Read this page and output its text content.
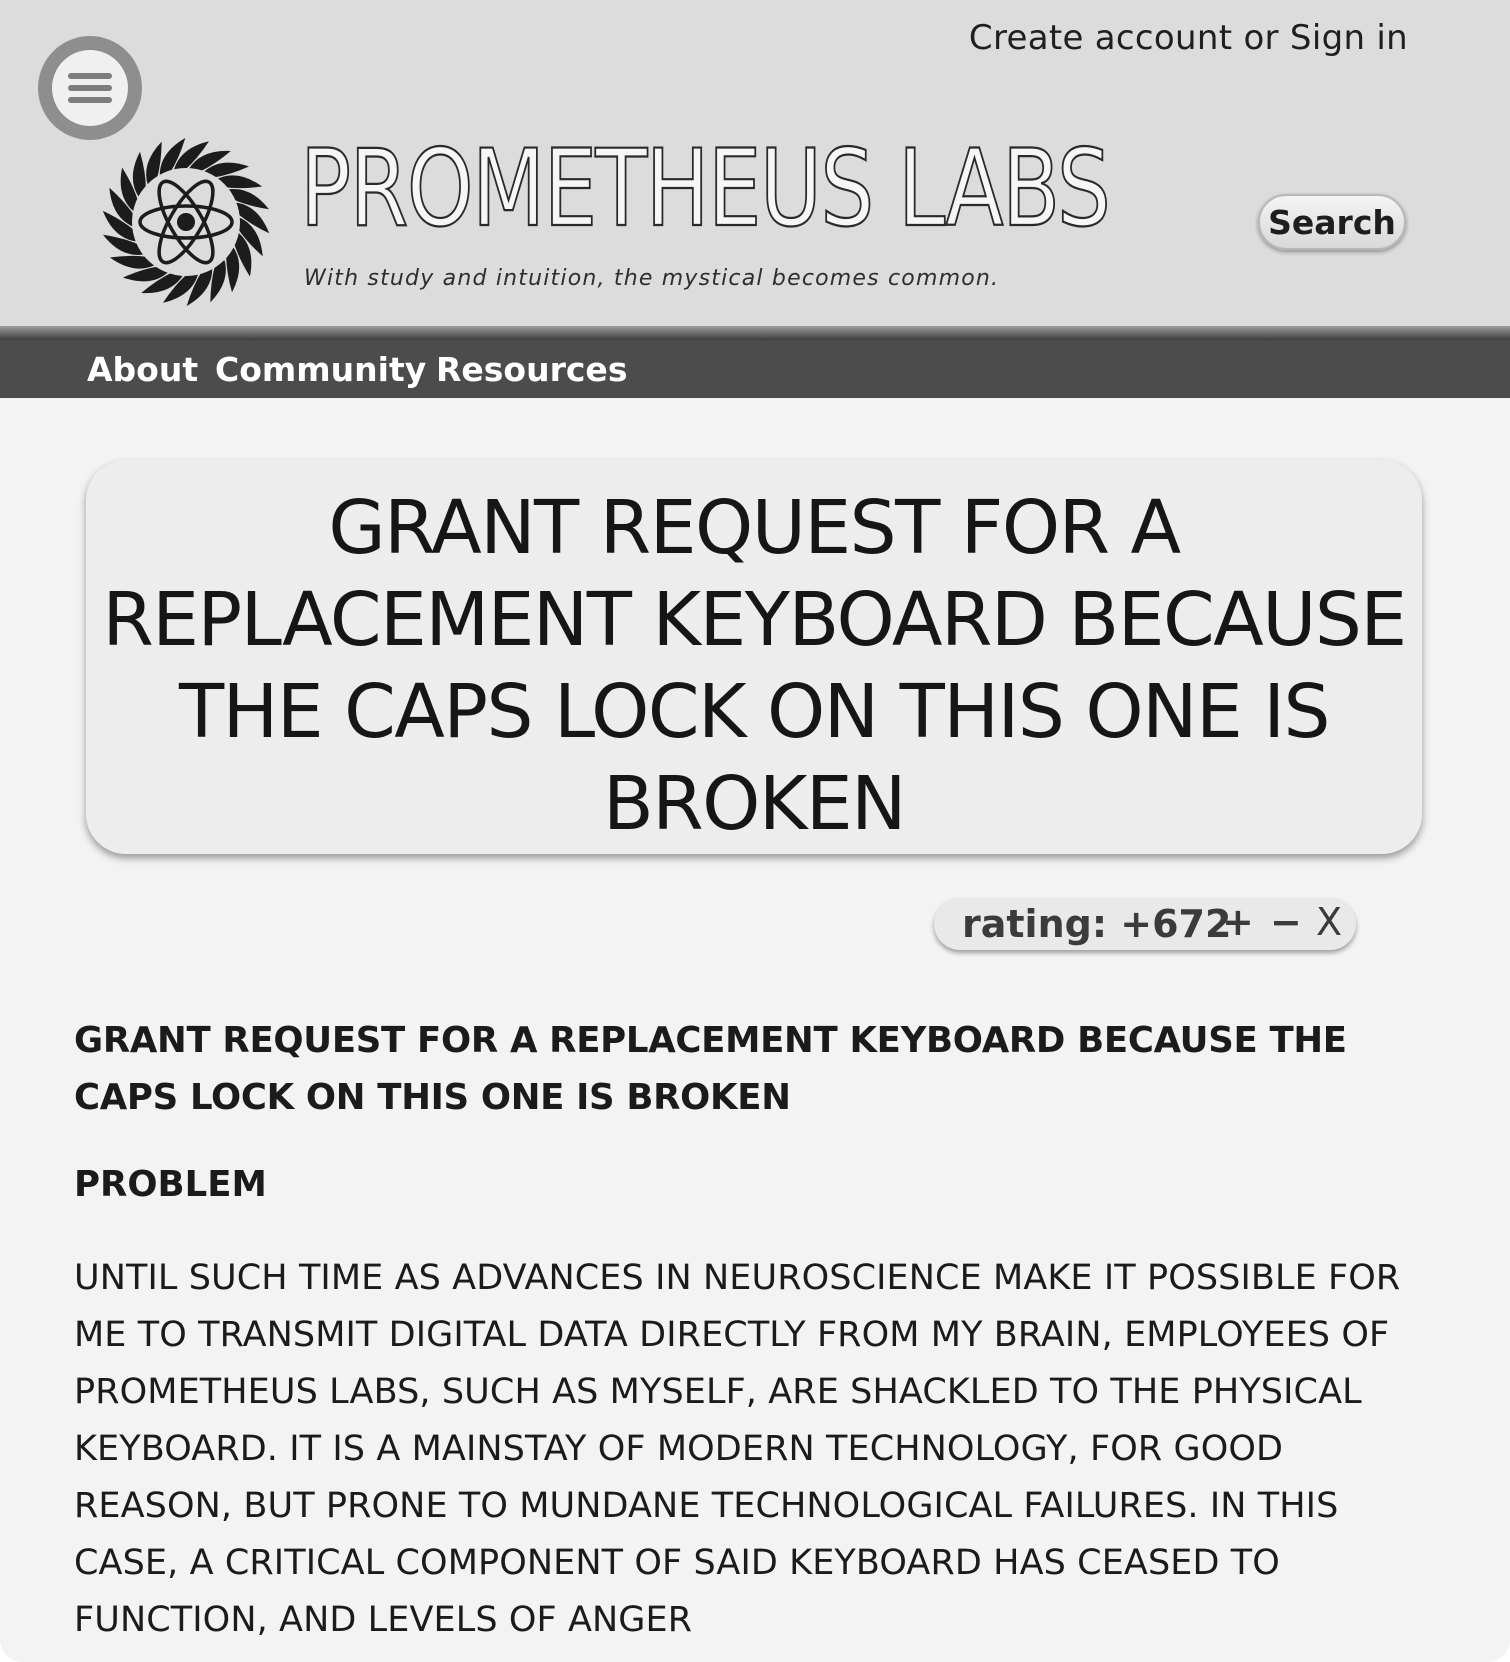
Create account or Sign in
PROMETHEUS LABS
With study and intuition, the mystical becomes common.
Search
About Community Resources
GRANT REQUEST FOR A REPLACEMENT KEYBOARD BECAUSE THE CAPS LOCK ON THIS ONE IS BROKEN
rating: +672
+ − X
GRANT REQUEST FOR A REPLACEMENT KEYBOARD BECAUSE THE CAPS LOCK ON THIS ONE IS BROKEN
PROBLEM

UNTIL SUCH TIME AS ADVANCES IN NEUROSCIENCE MAKE IT POSSIBLE FOR ME TO TRANSMIT DIGITAL DATA DIRECTLY FROM MY BRAIN, EMPLOYEES OF PROMETHEUS LABS, SUCH AS MYSELF, ARE SHACKLED TO THE PHYSICAL KEYBOARD. IT IS A MAINSTAY OF MODERN TECHNOLOGY, FOR GOOD REASON, BUT PRONE TO MUNDANE TECHNOLOGICAL FAILURES. IN THIS CASE, A CRITICAL COMPONENT OF SAID KEYBOARD HAS CEASED TO FUNCTION, AND LEVELS OF ANGER
